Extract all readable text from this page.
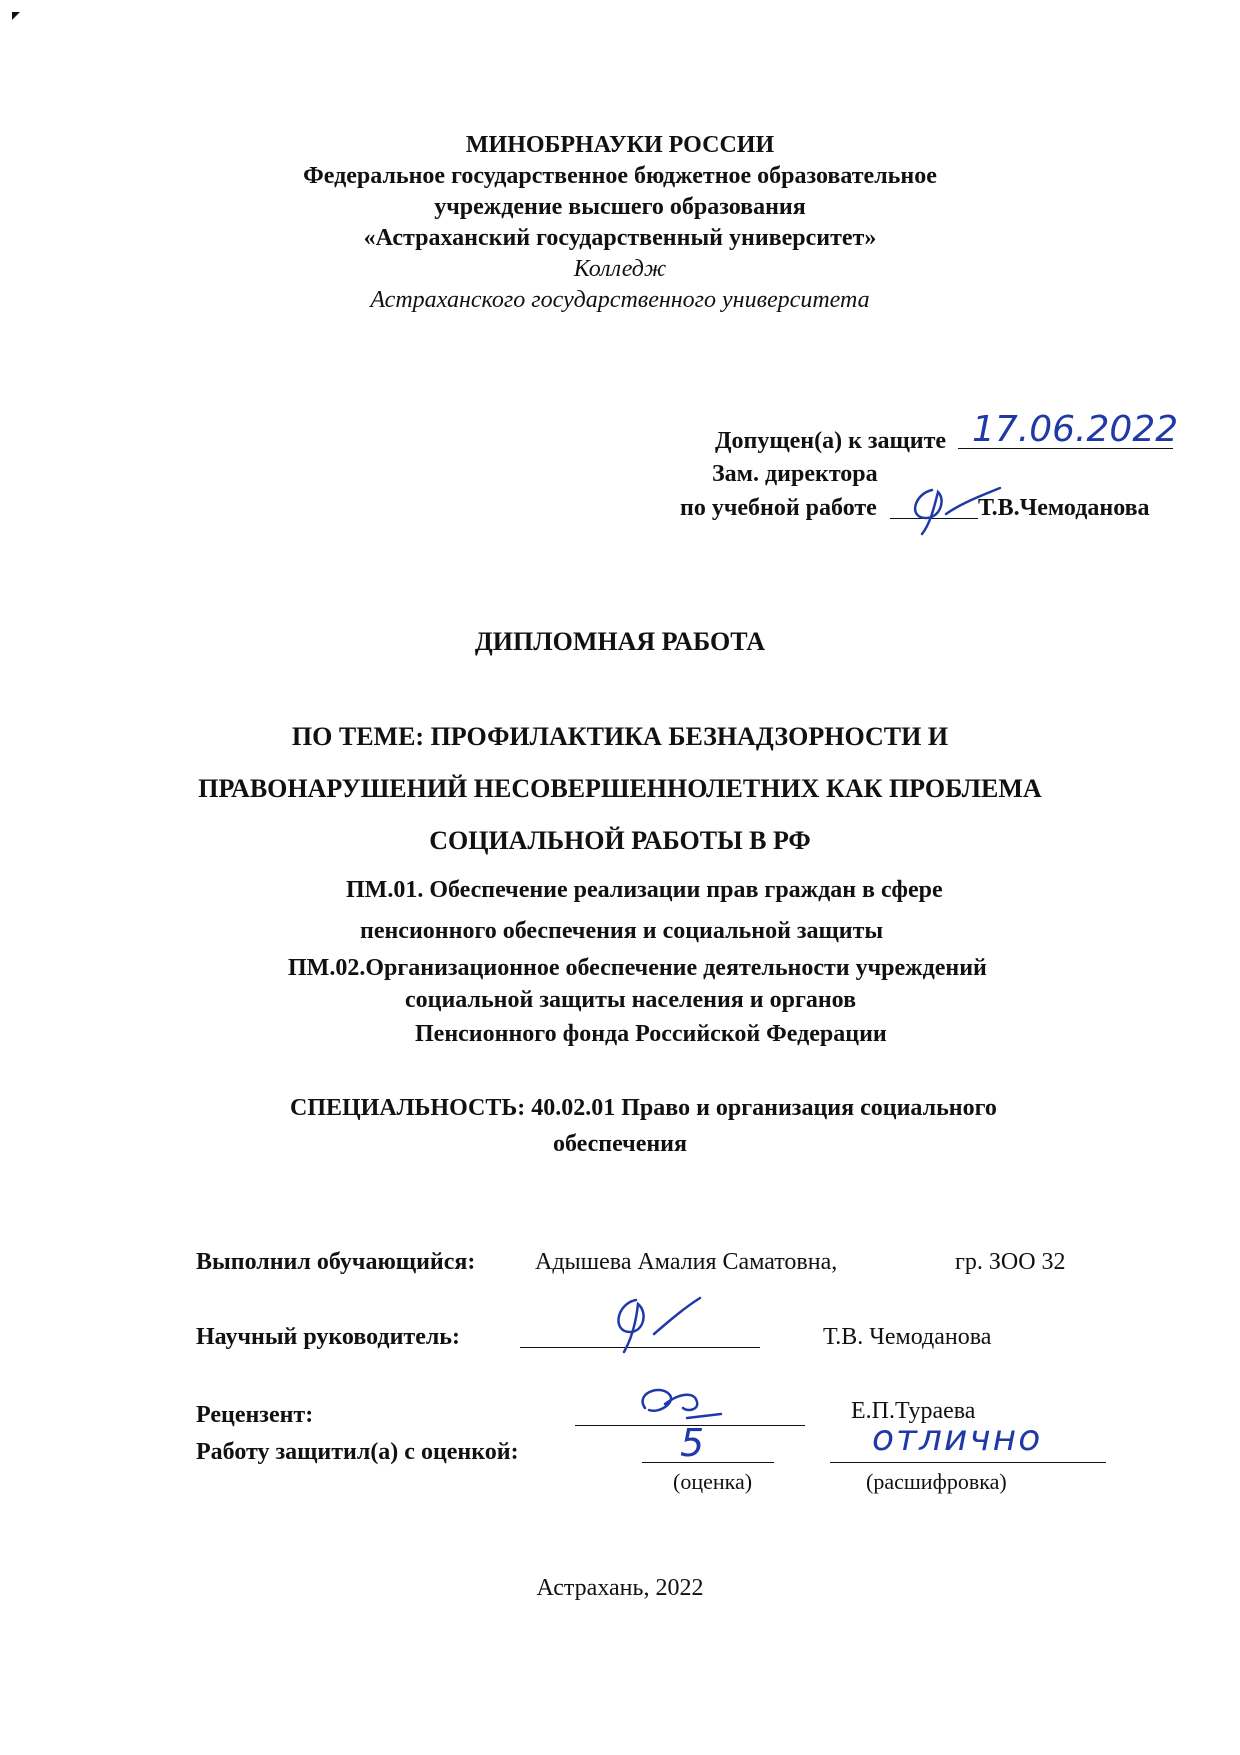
МИНОБРНАУКИ РОССИИ
Федеральное государственное бюджетное образовательное
учреждение высшего образования
«Астраханский государственный университет»
Колледж
Астраханского государственного университета
Допущен(а) к защите 17.06.2022
Зам. директора
по учебной работе	Т.В.Чемоданова
ДИПЛОМНАЯ РАБОТА
ПО ТЕМЕ: ПРОФИЛАКТИКА БЕЗНАДЗОРНОСТИ И
ПРАВОНАРУШЕНИЙ НЕСОВЕРШЕННОЛЕТНИХ КАК ПРОБЛЕМА
СОЦИАЛЬНОЙ РАБОТЫ В РФ
ПМ.01. Обеспечение реализации прав граждан в сфере
пенсионного обеспечения и социальной защиты
ПМ.02.Организационное обеспечение деятельности учреждений
социальной защиты населения и органов
Пенсионного фонда Российской Федерации
СПЕЦИАЛЬНОСТЬ: 40.02.01 Право и организация социального
обеспечения
Выполнил обучающийся: Адышева Амалия Саматовна,	гр. ЗОО 32
Научный руководитель:	Т.В. Чемоданова
Рецензент:	Е.П.Тураева
Работу защитил(а) с оценкой:	5	отлично
(оценка)	(расшифровка)
Астрахань, 2022
